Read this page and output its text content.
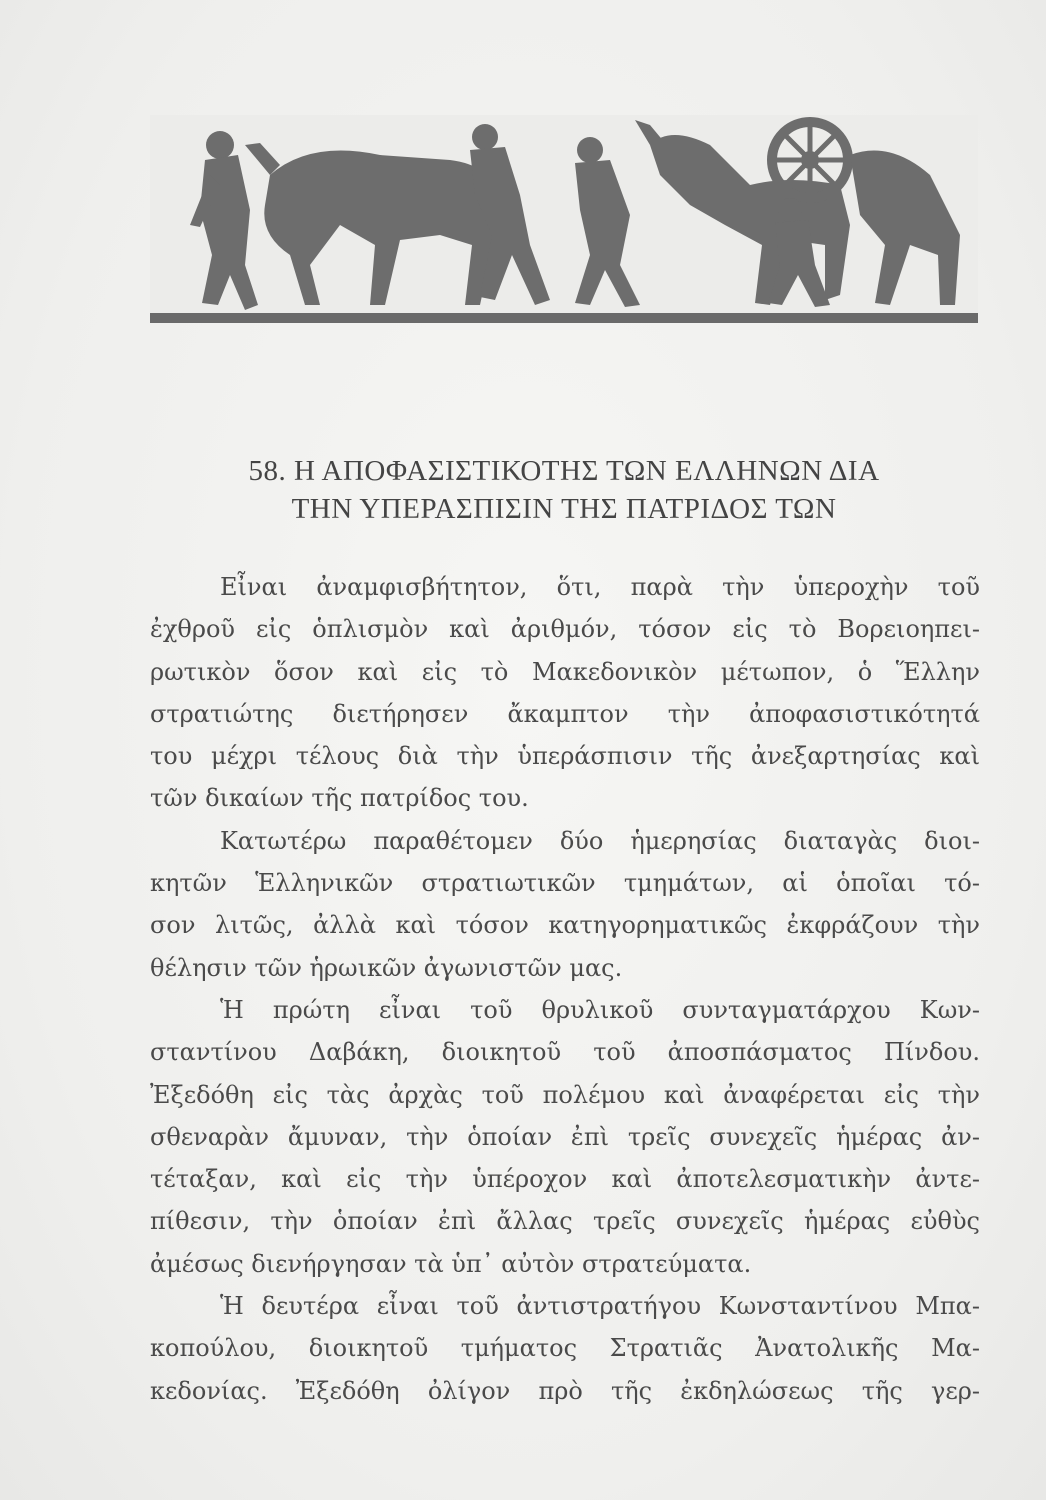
58. Η ΑΠΟΦΑΣΙΣΤΙΚΟΤΗΣ ΤΩΝ ΕΛΛΗΝΩΝ ΔΙΑ
ΤΗΝ ΥΠΕΡΑΣΠΙΣΙΝ ΤΗΣ ΠΑΤΡΙΔΟΣ ΤΩΝ
Εἶναι ἀναμφισβήτητον, ὅτι, παρὰ τὴν ὑπεροχὴν τοῦ
ἐχθροῦ εἰς ὁπλισμὸν καὶ ἀριθμόν, τόσον εἰς τὸ Βορειοηπει-
ρωτικὸν ὅσον καὶ εἰς τὸ Μακεδονικὸν μέτωπον, ὁ Ἕλλην
στρατιώτης διετήρησεν ἄκαμπτον τὴν ἀποφασιστικότητά
του μέχρι τέλους διὰ τὴν ὑπεράσπισιν τῆς ἀνεξαρτησίας καὶ
τῶν δικαίων τῆς πατρίδος του.
Κατωτέρω παραθέτομεν δύο ἡμερησίας διαταγὰς διοι-
κητῶν Ἑλληνικῶν στρατιωτικῶν τμημάτων, αἱ ὁποῖαι τό-
σον λιτῶς, ἀλλὰ καὶ τόσον κατηγορηματικῶς ἐκφράζουν τὴν
θέλησιν τῶν ἡρωικῶν ἀγωνιστῶν μας.
Ἡ πρώτη εἶναι τοῦ θρυλικοῦ συνταγματάρχου Κων-
σταντίνου Δαβάκη, διοικητοῦ τοῦ ἀποσπάσματος Πίνδου.
Ἐξεδόθη εἰς τὰς ἀρχὰς τοῦ πολέμου καὶ ἀναφέρεται εἰς τὴν
σθεναρὰν ἄμυναν, τὴν ὁποίαν ἐπὶ τρεῖς συνεχεῖς ἡμέρας ἀν-
τέταξαν, καὶ εἰς τὴν ὑπέροχον καὶ ἀποτελεσματικὴν ἀντε-
πίθεσιν, τὴν ὁποίαν ἐπὶ ἄλλας τρεῖς συνεχεῖς ἡμέρας εὐθὺς
ἀμέσως διενήργησαν τὰ ὑπ᾽ αὐτὸν στρατεύματα.
Ἡ δευτέρα εἶναι τοῦ ἀντιστρατήγου Κωνσταντίνου Μπα-
κοπούλου, διοικητοῦ τμήματος Στρατιᾶς Ἀνατολικῆς Μα-
κεδονίας. Ἐξεδόθη ὀλίγον πρὸ τῆς ἐκδηλώσεως τῆς γερ-
